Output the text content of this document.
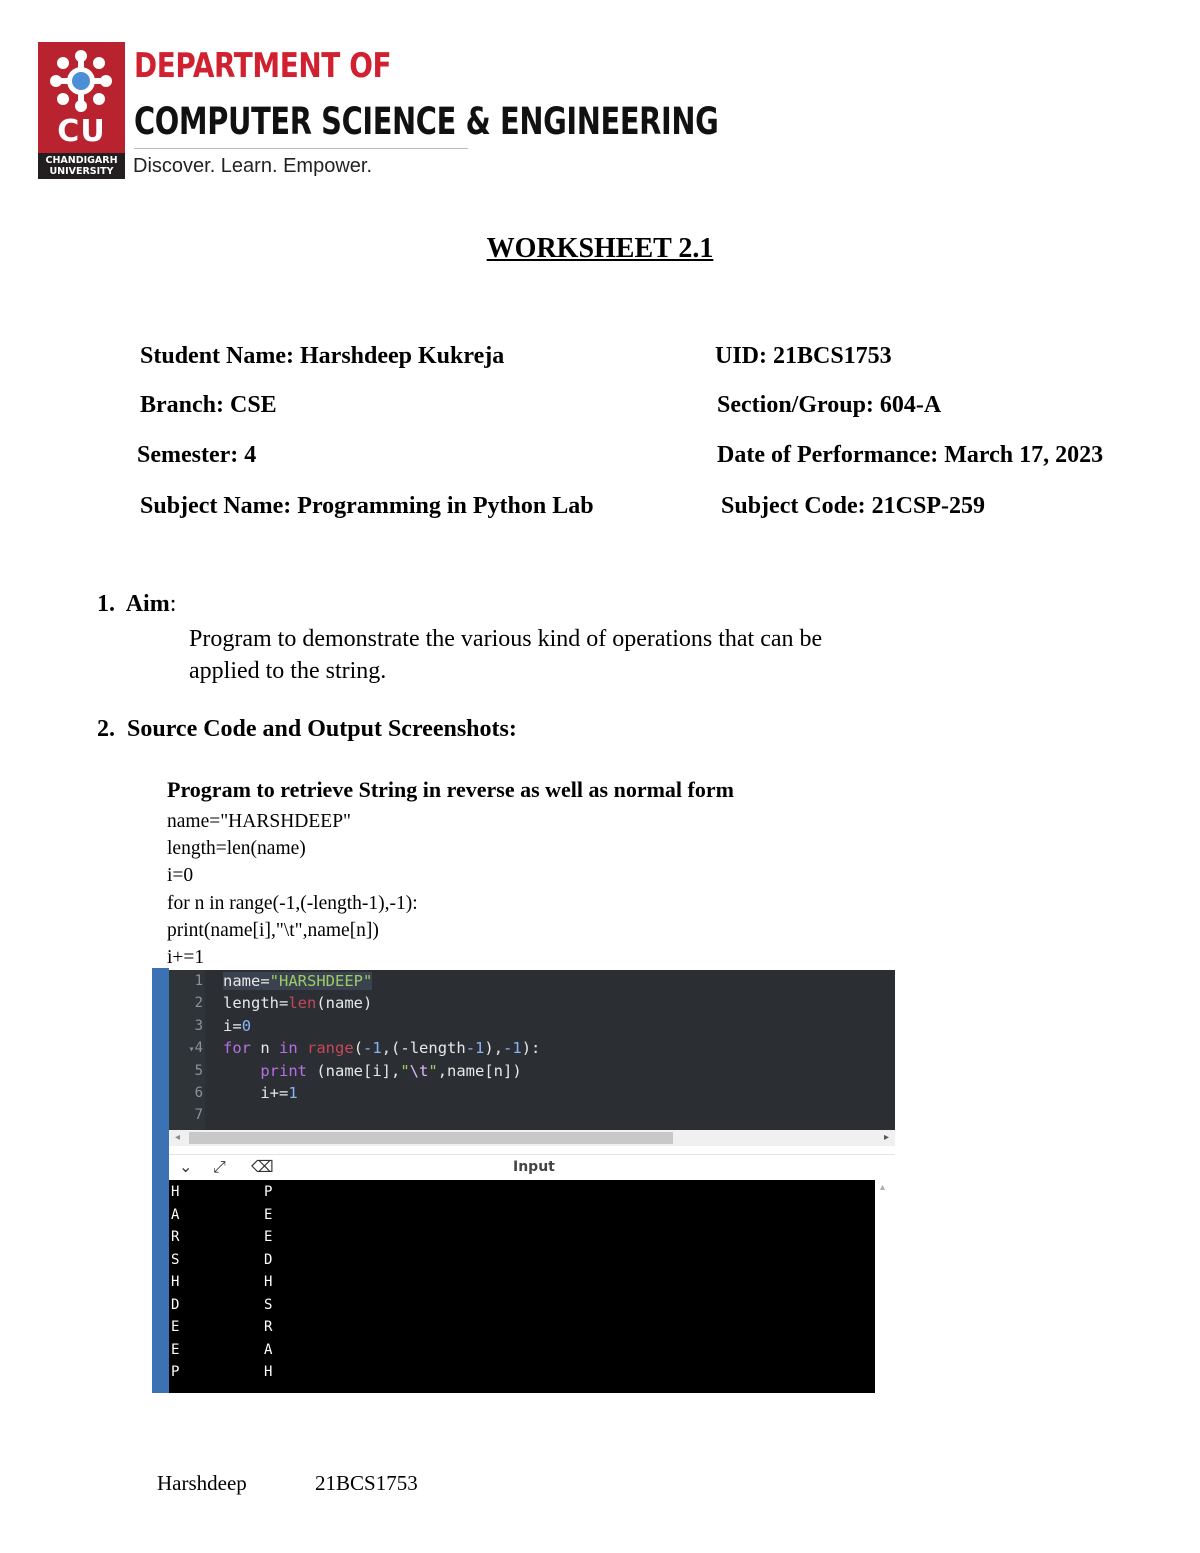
CU
CHANDIGARH
UNIVERSITY
DEPARTMENT OF
COMPUTER SCIENCE & ENGINEERING
Discover. Learn. Empower.
WORKSHEET 2.1
Student Name: Harshdeep Kukreja	UID: 21BCS1753
Branch: CSE	Section/Group: 604-A
Semester: 4	Date of Performance: March 17, 2023
Subject Name: Programming in Python Lab	Subject Code: 21CSP-259
1. Aim:
Program to demonstrate the various kind of operations that can be
applied to the string.
2. Source Code and Output Screenshots:
Program to retrieve String in reverse as well as normal form
name="HARSHDEEP"
length=len(name)
i=0
for n in range(-1,(-length-1),-1):
print(name[i],"\t",name[n])
i+=1
1
2
3
▾4
5
6
7
name="HARSHDEEP"
length=len(name)
i=0
for n in range(-1,(-length-1),-1):
print (name[i],"\t",name[n])
i+=1

◂	▸
⌄ ⤢ ⌫	Input
H	P
A	E
R	E
S	D
H	H
D	S
E	R
E	A
P	H
▴
Harshdeep	21BCS1753
